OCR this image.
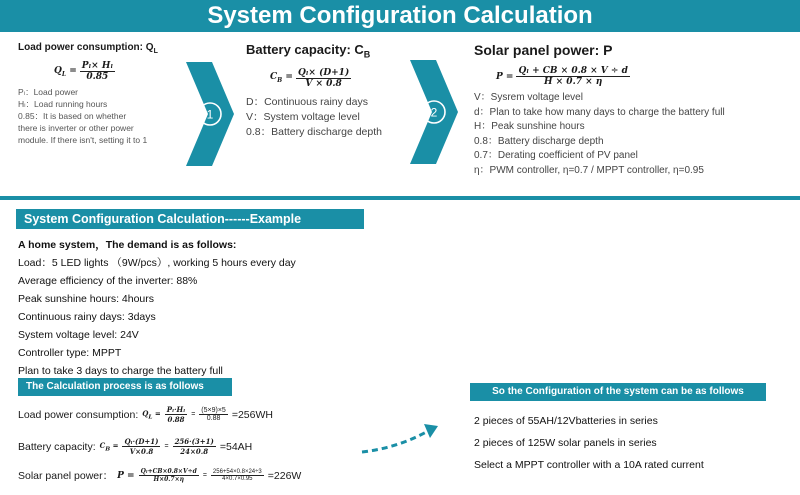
System Configuration Calculation
Load power consumption: $Q_L$
$Q_L = \frac{\text{Pₗ× Hₗ}}{0.85}$
Pₗ：Load power
Hₗ：Load running hours
0.85：It is based on whether
there is inverter or other power
module. If there isn't, setting it to 1
1
Battery capacity: $C_B$
$C_B = \frac{\text{Qₗ× (D+1)}}{V \times 0.8}$
D：Continuous rainy days
V：System voltage level
0.8：Battery discharge depth
2
Solar panel power: P
$P = \frac{\text{Qₗ + CB × 0.8 × V ÷ d}}{H \times 0.7 \times \eta}$
V：Sysrem voltage level
d：Plan to take how many days to charge the battery full
H：Peak sunshine hours
0.8：Battery discharge depth
0.7：Derating coefficient of PV panel
η：PWM controller, η=0.7 / MPPT controller, η=0.95
System Configuration Calculation------Example
A home system，The demand is as follows:
Load：5 LED lights （9W/pcs）, working 5 hours every day
Average efficiency of the inverter: 88%
Peak sunshine hours: 4hours
Continuous rainy days: 3days
System voltage level: 24V
Controller type: MPPT
Plan to take 3 days to charge the battery full
The Calculation process is as follows
Load power consumption: $Q_L = \frac{\text{Pₗ·Hₗ}}{0.88} = \frac{(5\times 9)\times 5}{0.88} =256WH$
Battery capacity: $C_B = \frac{\text{Qₗ·(D+1)}}{V\times 0.8} = \frac{256\cdot(3+1)}{24\times 0.8} =54AH$
Solar panel power： $P = \frac{\text{Qₗ+CB×0.8×V÷d}}{H\times 0.7\times\eta} = \frac{256+54\times 0.8\times 24\div 3}{4\times 0.7\times 0.95} =226W$
So the Configuration of the system can be as follows
2 pieces of 55AH/12Vbatteries in series
2 pieces of 125W solar panels in series
Select a MPPT controller with a 10A rated current
